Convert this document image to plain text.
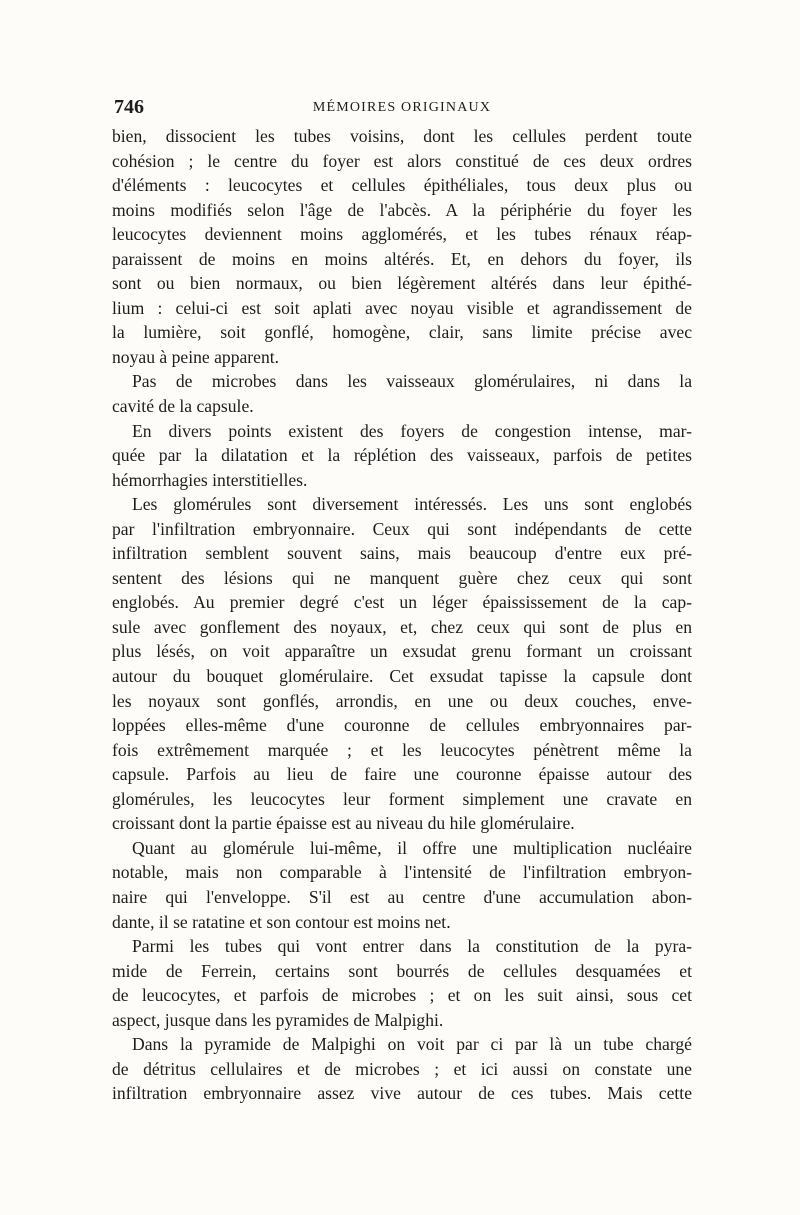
746	MÉMOIRES ORIGINAUX
bien, dissocient les tubes voisins, dont les cellules perdent toute
cohésion ; le centre du foyer est alors constitué de ces deux ordres
d'éléments : leucocytes et cellules épithéliales, tous deux plus ou
moins modifiés selon l'âge de l'abcès. A la périphérie du foyer les
leucocytes deviennent moins agglomérés, et les tubes rénaux réap-
paraissent de moins en moins altérés. Et, en dehors du foyer, ils
sont ou bien normaux, ou bien légèrement altérés dans leur épithé-
lium : celui-ci est soit aplati avec noyau visible et agrandissement de
la lumière, soit gonflé, homogène, clair, sans limite précise avec
noyau à peine apparent.
Pas de microbes dans les vaisseaux glomérulaires, ni dans la
cavité de la capsule.
En divers points existent des foyers de congestion intense, mar-
quée par la dilatation et la réplétion des vaisseaux, parfois de petites
hémorrhagies interstitielles.
Les glomérules sont diversement intéressés. Les uns sont englobés
par l'infiltration embryonnaire. Ceux qui sont indépendants de cette
infiltration semblent souvent sains, mais beaucoup d'entre eux pré-
sentent des lésions qui ne manquent guère chez ceux qui sont
englobés. Au premier degré c'est un léger épaississement de la cap-
sule avec gonflement des noyaux, et, chez ceux qui sont de plus en
plus lésés, on voit apparaître un exsudat grenu formant un croissant
autour du bouquet glomérulaire. Cet exsudat tapisse la capsule dont
les noyaux sont gonflés, arrondis, en une ou deux couches, enve-
loppées elles-même d'une couronne de cellules embryonnaires par-
fois extrêmement marquée ; et les leucocytes pénètrent même la
capsule. Parfois au lieu de faire une couronne épaisse autour des
glomérules, les leucocytes leur forment simplement une cravate en
croissant dont la partie épaisse est au niveau du hile glomérulaire.
Quant au glomérule lui-même, il offre une multiplication nucléaire
notable, mais non comparable à l'intensité de l'infiltration embryon-
naire qui l'enveloppe. S'il est au centre d'une accumulation abon-
dante, il se ratatine et son contour est moins net.
Parmi les tubes qui vont entrer dans la constitution de la pyra-
mide de Ferrein, certains sont bourrés de cellules desquamées et
de leucocytes, et parfois de microbes ; et on les suit ainsi, sous cet
aspect, jusque dans les pyramides de Malpighi.
Dans la pyramide de Malpighi on voit par ci par là un tube chargé
de détritus cellulaires et de microbes ; et ici aussi on constate une
infiltration embryonnaire assez vive autour de ces tubes. Mais cette
